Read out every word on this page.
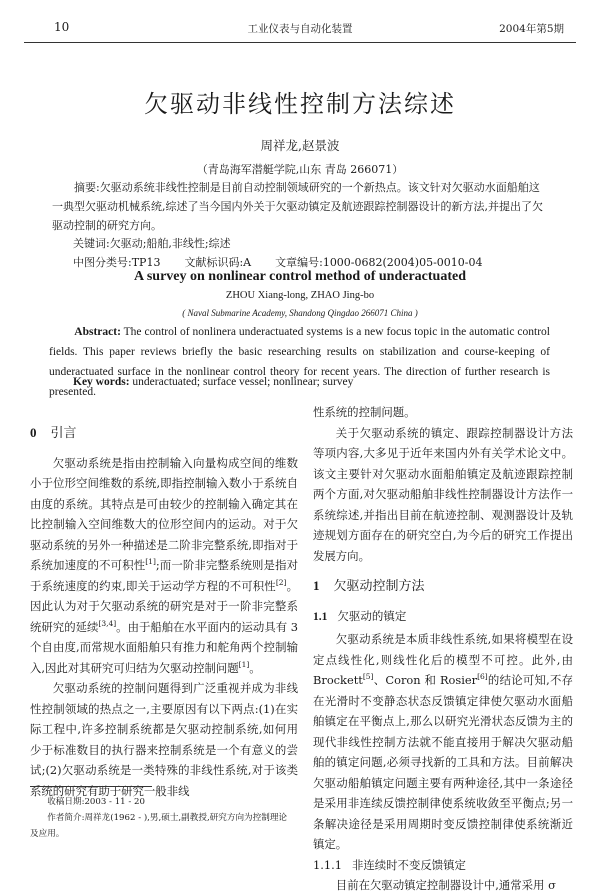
10	工业仪表与自动化装置	2004年第5期
欠驱动非线性控制方法综述
周祥龙,赵景波
（青岛海军潜艇学院,山东 青岛 266071）
摘要:欠驱动系统非线性控制是目前自动控制领域研究的一个新热点。该文针对欠驱动水面船舶这一典型欠驱动机械系统,综述了当今国内外关于欠驱动镇定及航迹跟踪控制器设计的新方法,并提出了欠驱动控制的研究方向。
关键词:欠驱动;船舶,非线性;综述
中图分类号:TP13 文献标识码:A 文章编号:1000-0682(2004)05-0010-04
A survey on nonlinear control method of underactuated
ZHOU Xiang-long, ZHAO Jing-bo
( Naval Submarine Academy, Shandong Qingdao 266071 China )
Abstract: The control of nonlinera underactuated systems is a new focus topic in the automatic control fields. This paper reviews briefly the basic researching results on stabilization and course-keeping of underactuated surface in the nonlinear control theory for recent years. The direction of further research is presented.
Key words: underactuated; surface vessel; nonlinear; survey
0 引言

欠驱动系统是指由控制输入向量构成空间的维数小于位形空间维数的系统,即指控制输入数小于系统自由度的系统。其特点是可由较少的控制输入确定其在比控制输入空间维数大的位形空间内的运动。对于欠驱动系统的另外一种描述是二阶非完整系统,即指对于系统加速度的不可积性[1];而一阶非完整系统则是指对于系统速度的约束,即关于运动学方程的不可积性[2]。因此认为对于欠驱动系统的研究是对于一阶非完整系统研究的延续[3,4]。由于船舶在水平面内的运动具有 3 个自由度,而常规水面船舶只有推力和舵角两个控制输入,因此对其研究可归结为欠驱动控制问题[1]。

欠驱动系统的控制问题得到广泛重视并成为非线性控制领域的热点之一,主要原因有以下两点:(1)在实际工程中,许多控制系统都是欠驱动控制系统,如何用少于标准数目的执行器来控制系统是一个有意义的尝试;(2)欠驱动系统是一类特殊的非线性系统,对于该类系统的研究有助于研究一般非线

收稿日期:2003 - 11 - 20

作者简介:周祥龙(1962 - ),男,硕士,副教授,研究方向为控制理论及应用。

性系统的控制问题。

关于欠驱动系统的镇定、跟踪控制器设计方法等项内容,大多见于近年来国内外有关学术论文中。该文主要针对欠驱动水面船舶镇定及航迹跟踪控制两个方面,对欠驱动船舶非线性控制器设计方法作一系统综述,并指出目前在航迹控制、观测器设计及轨迹规划方面存在的研究空白,为今后的研究工作提出发展方向。

1 欠驱动控制方法
1.1 欠驱动的镇定

欠驱动系统是本质非线性系统,如果将模型在设定点线性化,则线性化后的模型不可控。此外,由Brockett[5]、Coron 和 Rosier[6]的结论可知,不存在光滑时不变静态状态反馈镇定律使欠驱动水面船舶镇定在平衡点上,那么以研究光滑状态反馈为主的现代非线性控制方法就不能直接用于解决欠驱动船舶的镇定问题,必须寻找新的工具和方法。目前解决欠驱动船舶镇定问题主要有两种途径,其中一条途径是采用非连续反馈控制律使系统收敛至平衡点;另一条解决途径是采用周期时变反馈控制律使系统渐近镇定。

1.1.1 非连续时不变反馈镇定

目前在欠驱动镇定控制器设计中,通常采用 σ
